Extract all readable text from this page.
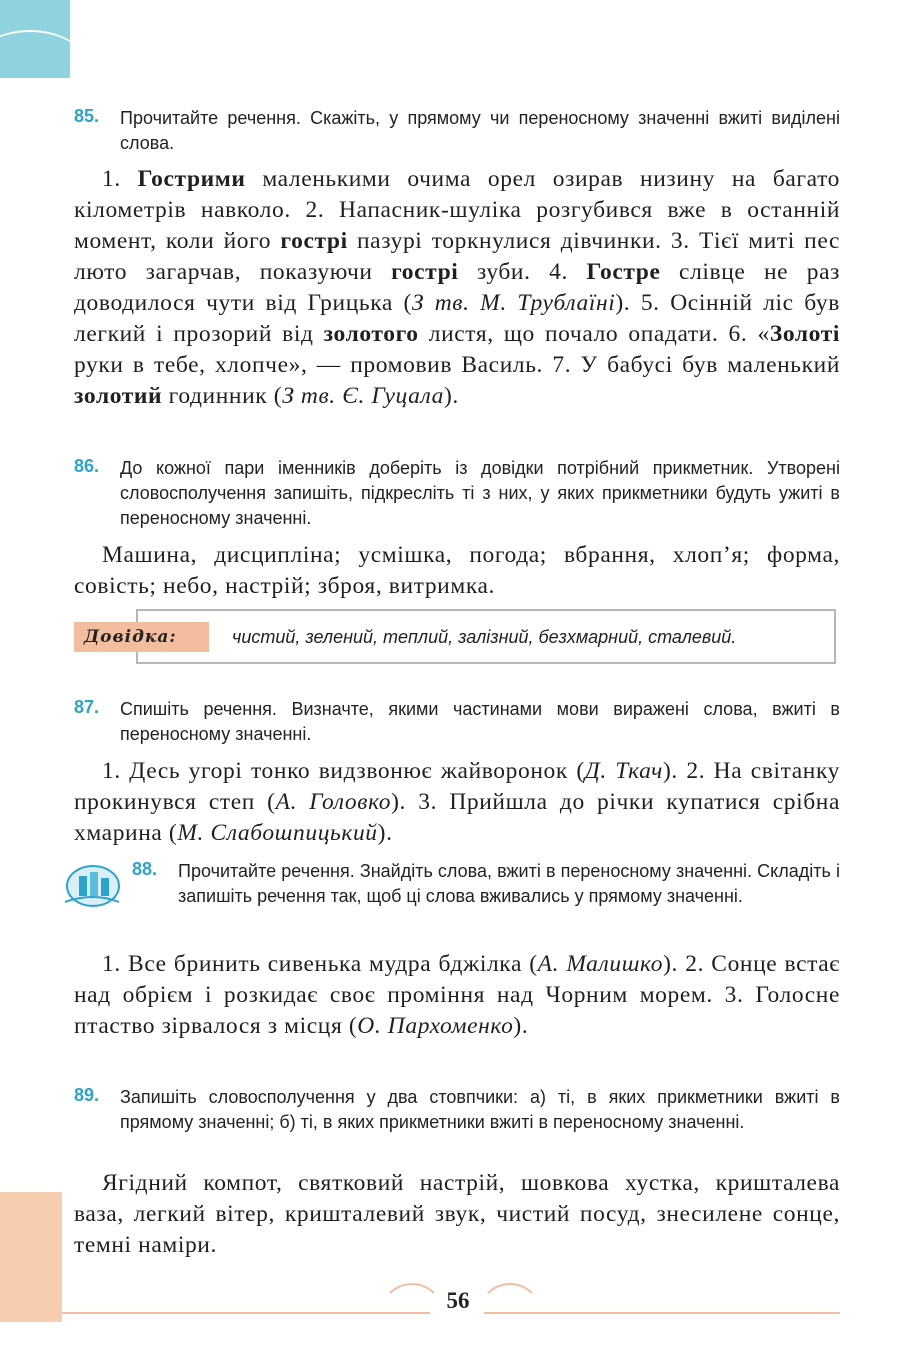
85. Прочитайте речення. Скажіть, у прямому чи переносному значенні вжиті виділені слова.
1. Гострими маленькими очима орел озирав низину на багато кілометрів навколо. 2. Напасник-шуліка розгубився вже в останній момент, коли його гострі пазурі торкнулися дівчинки. 3. Тієї миті пес люто загарчав, показуючи гострі зуби. 4. Гостре слівце не раз доводилося чути від Грицька (З тв. М. Трублаїні). 5. Осінній ліс був легкий і прозорий від золотого листя, що почало опадати. 6. «Золоті руки в тебе, хлопче», — промовив Василь. 7. У бабусі був маленький золотий годинник (З тв. Є. Гуцала).
86. До кожної пари іменників доберіть із довідки потрібний прикметник. Утворені словосполучення запишіть, підкресліть ті з них, у яких прикметники будуть ужиті в переносному значенні.
Машина, дисципліна; усмішка, погода; вбрання, хлоп’я; форма, совість; небо, настрій; зброя, витримка.
Довідка:	чистий, зелений, теплий, залізний, безхмарний, сталевий.
87. Спишіть речення. Визначте, якими частинами мови виражені слова, вжиті в переносному значенні.
1. Десь угорі тонко видзвонює жайворонок (Д. Ткач). 2. На світанку прокинувся степ (А. Головко). 3. Прийшла до річки купатися срібна хмарина (М. Слабошпицький).
88. Прочитайте речення. Знайдіть слова, вжиті в переносному значенні. Складіть і запишіть речення так, щоб ці слова вживались у прямому значенні.
1. Все бринить сивенька мудра бджілка (А. Малишко). 2. Сонце встає над обрієм і розкидає своє проміння над Чорним морем. 3. Голосне птаство зірвалося з місця (О. Пархоменко).
89. Запишіть словосполучення у два стовпчики: а) ті, в яких прикметники вжиті в прямому значенні; б) ті, в яких прикметники вжиті в переносному значенні.
Ягідний компот, святковий настрій, шовкова хустка, кришталева ваза, легкий вітер, кришталевий звук, чистий посуд, знесилене сонце, темні наміри.
56
